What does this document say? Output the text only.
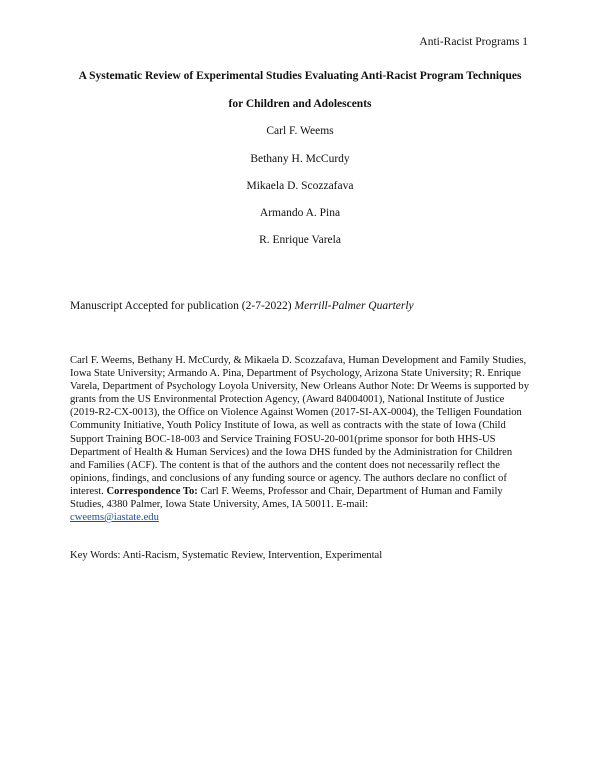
Anti-Racist Programs 1
A Systematic Review of Experimental Studies Evaluating Anti-Racist Program Techniques
for Children and Adolescents
Carl F. Weems
Bethany H. McCurdy
Mikaela D. Scozzafava
Armando A. Pina
R. Enrique Varela
Manuscript Accepted for publication (2-7-2022) Merrill-Palmer Quarterly
Carl F. Weems, Bethany H. McCurdy, & Mikaela D. Scozzafava, Human Development and Family Studies, Iowa State University; Armando A. Pina, Department of Psychology, Arizona State University; R. Enrique Varela, Department of Psychology Loyola University, New Orleans Author Note: Dr Weems is supported by grants from the US Environmental Protection Agency, (Award 84004001), National Institute of Justice (2019-R2-CX-0013), the Office on Violence Against Women (2017-SI-AX-0004), the Telligen Foundation Community Initiative, Youth Policy Institute of Iowa, as well as contracts with the state of Iowa (Child Support Training BOC-18-003 and Service Training FOSU-20-001(prime sponsor for both HHS-US Department of Health & Human Services) and the Iowa DHS funded by the Administration for Children and Families (ACF). The content is that of the authors and the content does not necessarily reflect the opinions, findings, and conclusions of any funding source or agency. The authors declare no conflict of interest. Correspondence To: Carl F. Weems, Professor and Chair, Department of Human and Family Studies, 4380 Palmer, Iowa State University, Ames, IA 50011. E-mail:
cweems@iastate.edu
Key Words: Anti-Racism, Systematic Review, Intervention, Experimental
